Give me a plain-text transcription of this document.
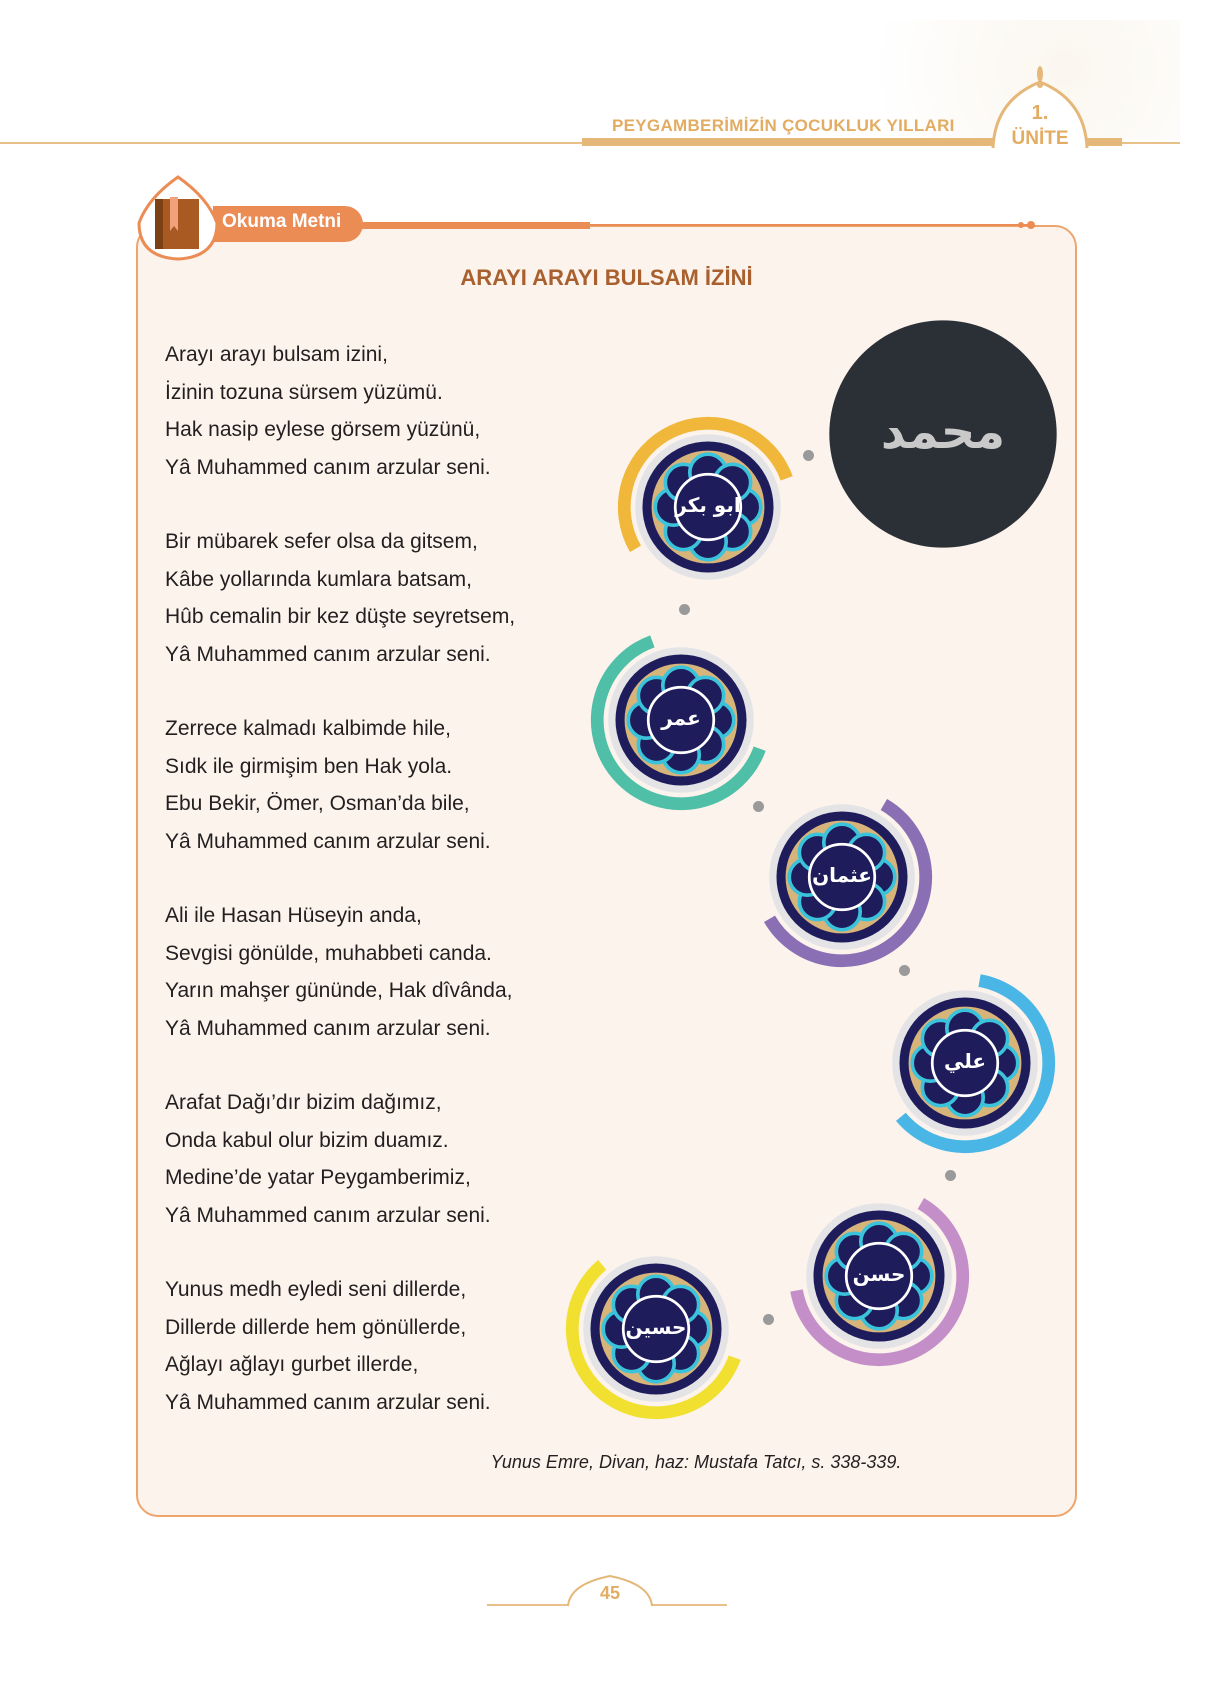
PEYGAMBERİMİZİN ÇOCUKLUK YILLARI
1.
ÜNİTE
Okuma Metni
ARAYI ARAYI BULSAM İZİNİ
Arayı arayı bulsam izini,
İzinin tozuna sürsem yüzümü.
Hak nasip eylese görsem yüzünü,
Yâ Muhammed canım arzular seni.
Bir mübarek sefer olsa da gitsem,
Kâbe yollarında kumlara batsam,
Hûb cemalin bir kez düşte seyretsem,
Yâ Muhammed canım arzular seni.
Zerrece kalmadı kalbimde hile,
Sıdk ile girmişim ben Hak yola.
Ebu Bekir, Ömer, Osman’da bile,
Yâ Muhammed canım arzular seni.
Ali ile Hasan Hüseyin anda,
Sevgisi gönülde, muhabbeti canda.
Yarın mahşer gününde, Hak dîvânda,
Yâ Muhammed canım arzular seni.
Arafat Dağı’dır bizim dağımız,
Onda kabul olur bizim duamız.
Medine’de yatar Peygamberimiz,
Yâ Muhammed canım arzular seni.
Yunus medh eyledi seni dillerde,
Dillerde dillerde hem gönüllerde,
Ağlayı ağlayı gurbet illerde,
Yâ Muhammed canım arzular seni.
محمد
ابو بكر
عمر
عثمان
علي
حسن
حسين
Yunus Emre, Divan, haz: Mustafa Tatcı, s. 338-339.
45
